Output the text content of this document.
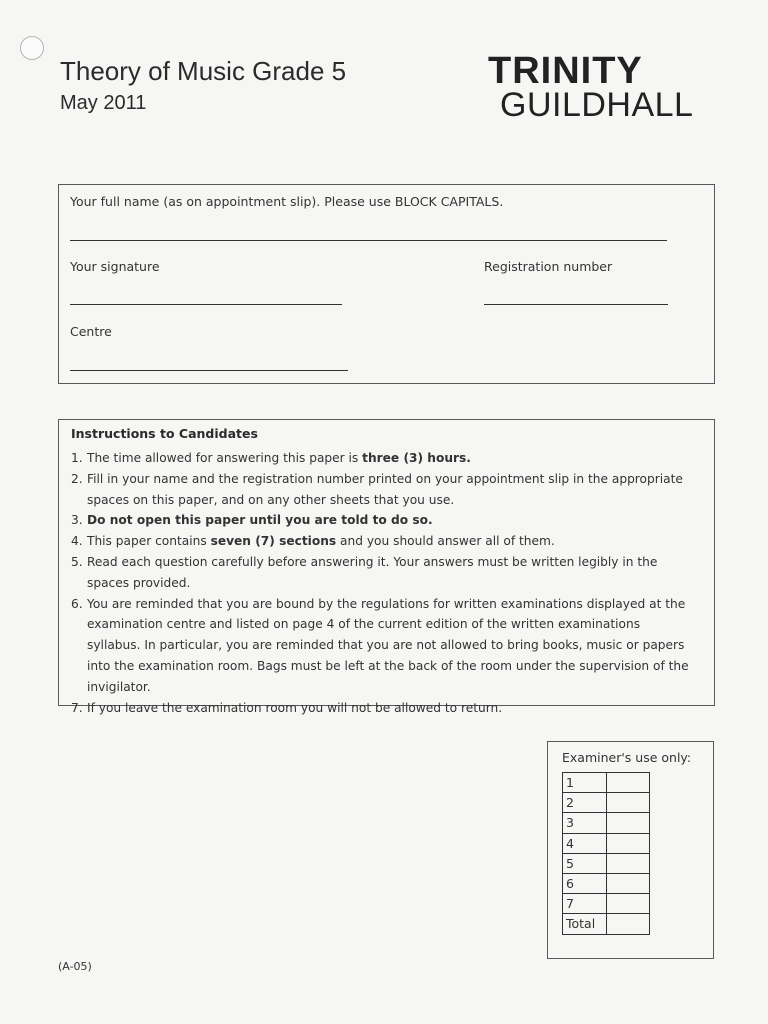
Theory of Music Grade 5
May 2011
TRINITY
GUILDHALL
Your full name (as on appointment slip). Please use BLOCK CAPITALS.
Your signature	Registration number
Centre
Instructions to Candidates
1. The time allowed for answering this paper is three (3) hours.
2. Fill in your name and the registration number printed on your appointment slip in the appropriate spaces on this paper, and on any other sheets that you use.
3. Do not open this paper until you are told to do so.
4. This paper contains seven (7) sections and you should answer all of them.
5. Read each question carefully before answering it. Your answers must be written legibly in the spaces provided.
6. You are reminded that you are bound by the regulations for written examinations displayed at the examination centre and listed on page 4 of the current edition of the written examinations syllabus. In particular, you are reminded that you are not allowed to bring books, music or papers into the examination room. Bags must be left at the back of the room under the supervision of the invigilator.
7. If you leave the examination room you will not be allowed to return.
Examiner's use only:
1	
2	
3	
4	
5	
6	
7	
Total	
(A-05)
